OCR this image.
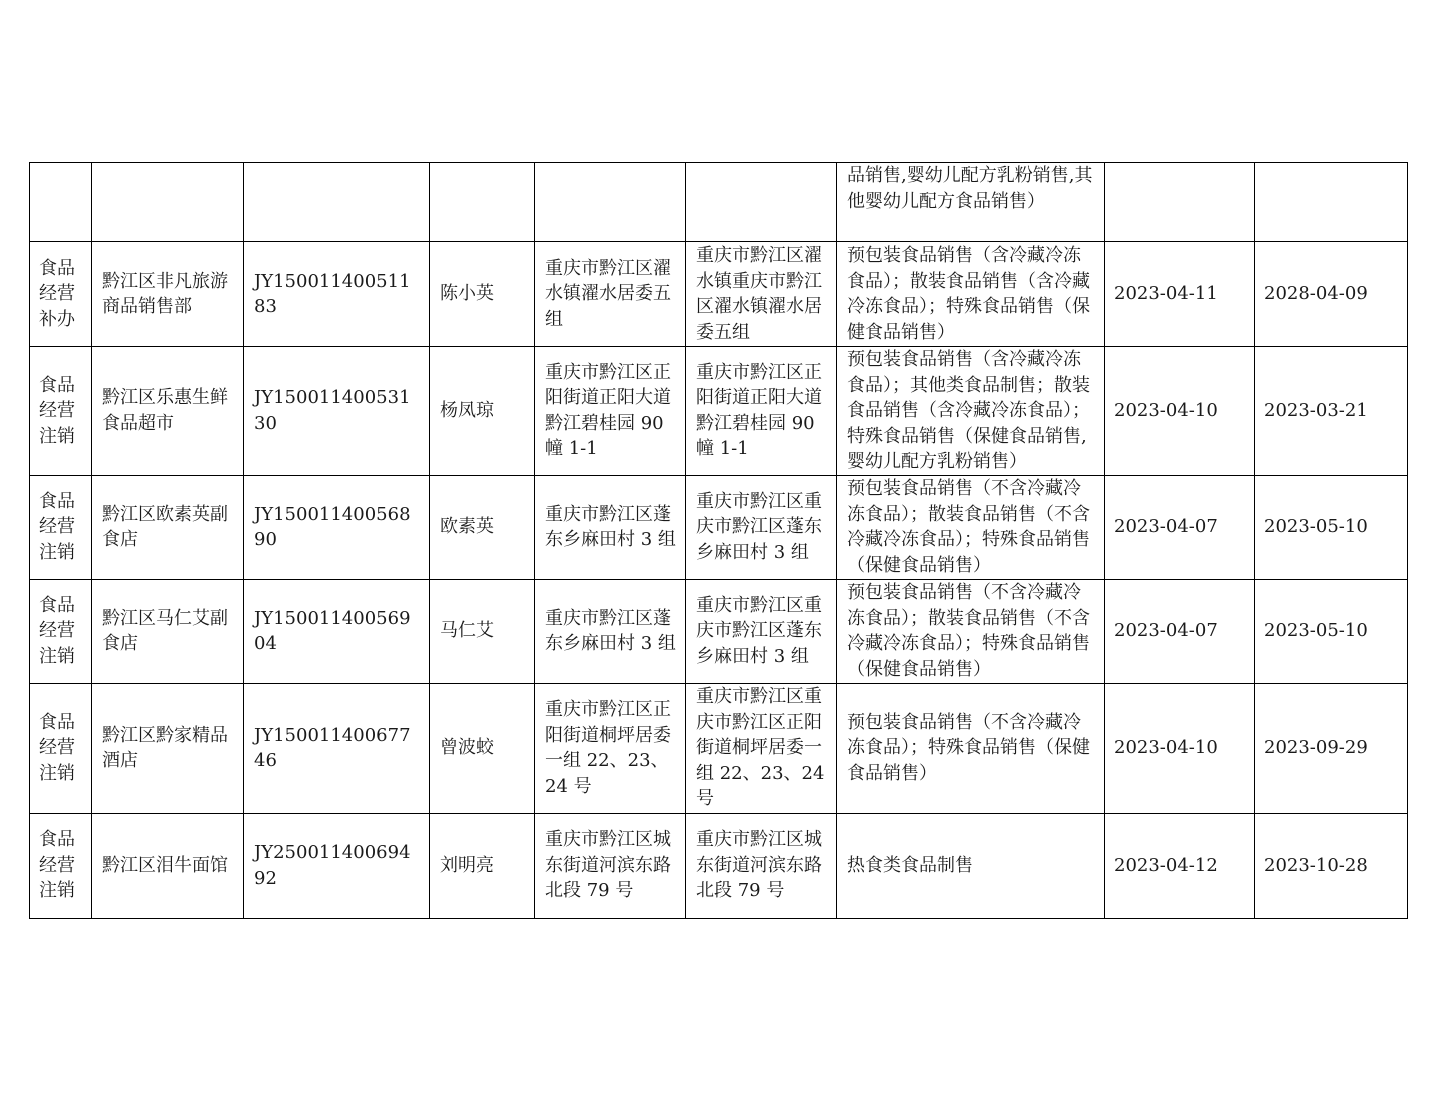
						品销售,婴幼儿配方乳粉销售,其他婴幼儿配方食品销售）		
食品经营补办	黔江区非凡旅游商品销售部	JY15001140051183	陈小英	重庆市黔江区濯水镇濯水居委五组	重庆市黔江区濯水镇重庆市黔江区濯水镇濯水居委五组	预包装食品销售（含冷藏冷冻食品）；散装食品销售（含冷藏冷冻食品）；特殊食品销售（保健食品销售）	2023-04-11	2028-04-09
食品经营注销	黔江区乐惠生鲜食品超市	JY15001140053130	杨凤琼	重庆市黔江区正阳街道正阳大道黔江碧桂园 90 幢 1-1	重庆市黔江区正阳街道正阳大道黔江碧桂园 90 幢 1-1	预包装食品销售（含冷藏冷冻食品）；其他类食品制售；散装食品销售（含冷藏冷冻食品）；特殊食品销售（保健食品销售,婴幼儿配方乳粉销售）	2023-04-10	2023-03-21
食品经营注销	黔江区欧素英副食店	JY15001140056890	欧素英	重庆市黔江区蓬东乡麻田村 3 组	重庆市黔江区重庆市黔江区蓬东乡麻田村 3 组	预包装食品销售（不含冷藏冷冻食品）；散装食品销售（不含冷藏冷冻食品）；特殊食品销售（保健食品销售）	2023-04-07	2023-05-10
食品经营注销	黔江区马仁艾副食店	JY15001140056904	马仁艾	重庆市黔江区蓬东乡麻田村 3 组	重庆市黔江区重庆市黔江区蓬东乡麻田村 3 组	预包装食品销售（不含冷藏冷冻食品）；散装食品销售（不含冷藏冷冻食品）；特殊食品销售（保健食品销售）	2023-04-07	2023-05-10
食品经营注销	黔江区黔家精品酒店	JY15001140067746	曾波蛟	重庆市黔江区正阳街道桐坪居委一组 22、23、24 号	重庆市黔江区重庆市黔江区正阳街道桐坪居委一组 22、23、24 号	预包装食品销售（不含冷藏冷冻食品）；特殊食品销售（保健食品销售）	2023-04-10	2023-09-29
食品经营注销	黔江区泪牛面馆	JY25001140069492	刘明亮	重庆市黔江区城东街道河滨东路北段 79 号	重庆市黔江区城东街道河滨东路北段 79 号	热食类食品制售	2023-04-12	2023-10-28
